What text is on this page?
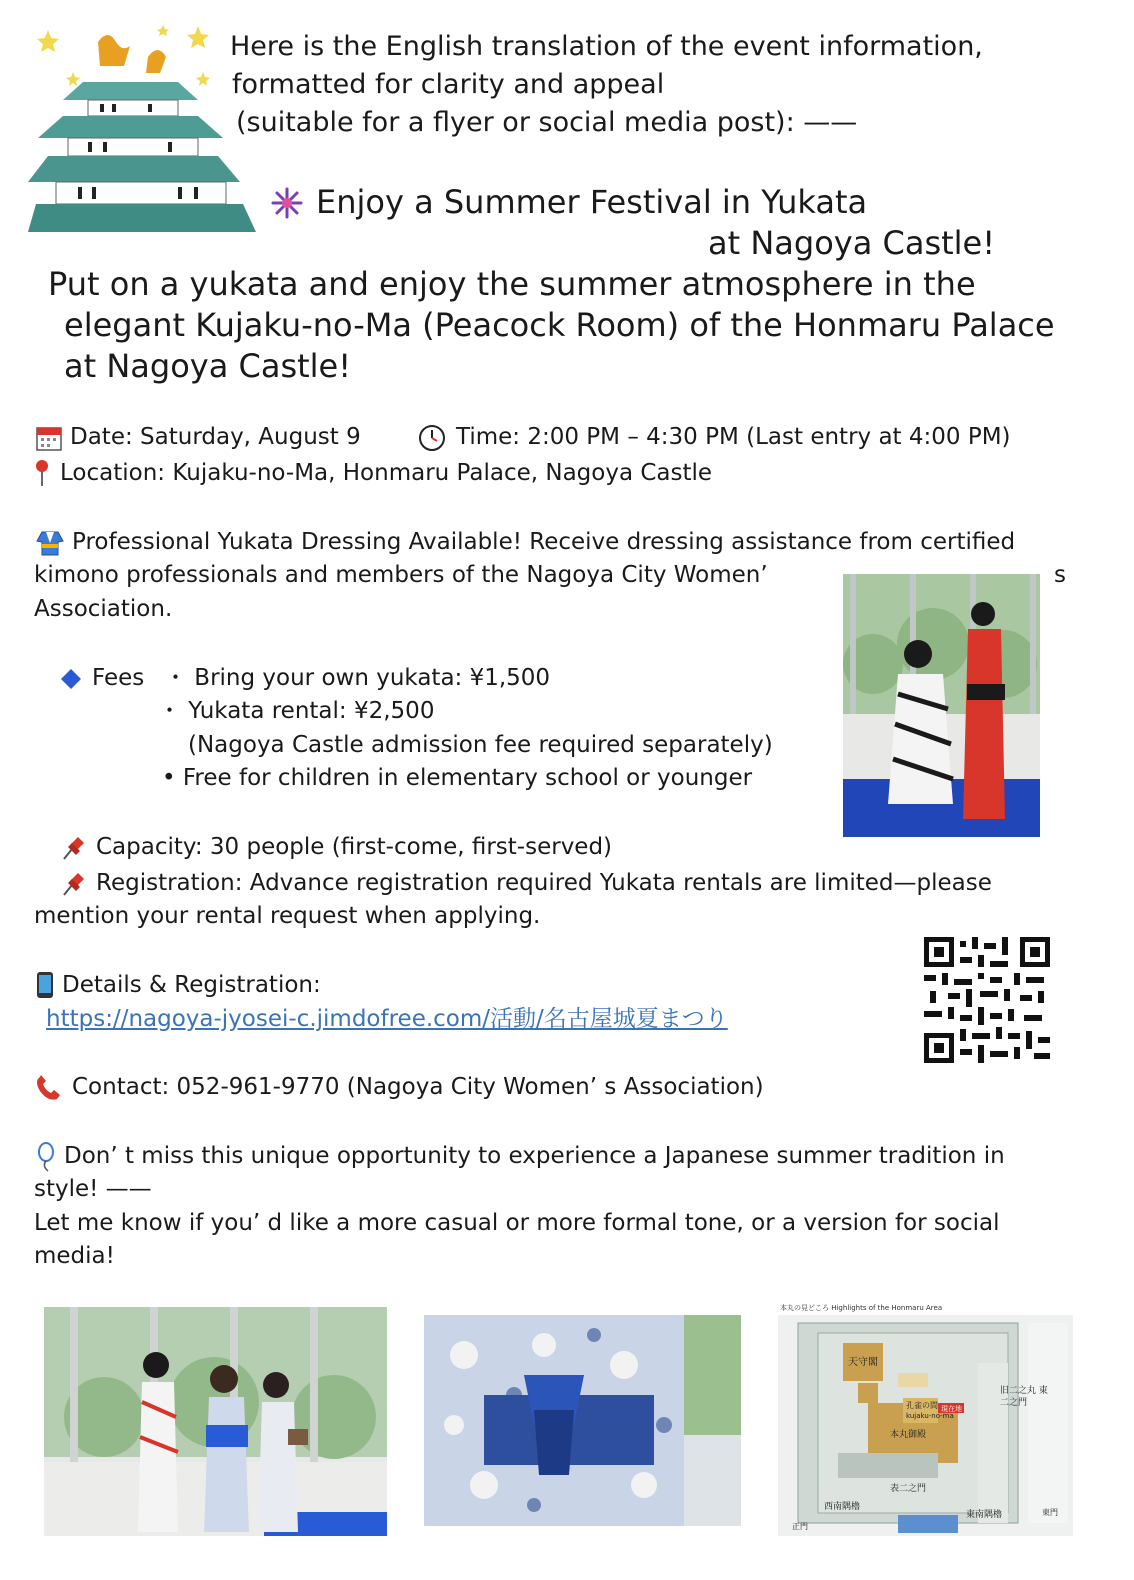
Here is the English translation of the event information,
formatted for clarity and appeal
(suitable for a flyer or social media post): ——
Enjoy a Summer Festival in Yukata
at Nagoya Castle!
Put on a yukata and enjoy the summer atmosphere in the
elegant Kujaku-no-Ma (Peacock Room) of the Honmaru Palace
at Nagoya Castle!
Date: Saturday, August 9	Time: 2:00 PM – 4:30 PM (Last entry at 4:00 PM)
Location: Kujaku-no-Ma, Honmaru Palace, Nagoya Castle
Professional Yukata Dressing Available! Receive dressing assistance from certified
kimono professionals and members of the Nagoya City Women’	s
Association.
Fees ・ Bring your own yukata: ¥1,500
・ Yukata rental: ¥2,500
(Nagoya Castle admission fee required separately)
• Free for children in elementary school or younger
Capacity: 30 people (first-come, first-served)
Registration: Advance registration required Yukata rentals are limited—please
mention your rental request when applying.
Details & Registration:
https://nagoya-jyosei-c.jimdofree.com/活動/名古屋城夏まつり
Contact: 052-961-9770 (Nagoya City Women’ s Association)
Don’ t miss this unique opportunity to experience a Japanese summer tradition in
style! ——
Let me know if you’ d like a more casual or more formal tone, or a version for social
media!
本丸の見どころ Highlights of the Honmaru Area
天守閣
孔雀の間
kujaku-no-ma
現在地
本丸御殿
表二之門
旧二之丸 東二之門
西南隅櫓
東南隅櫓
正門
東門
